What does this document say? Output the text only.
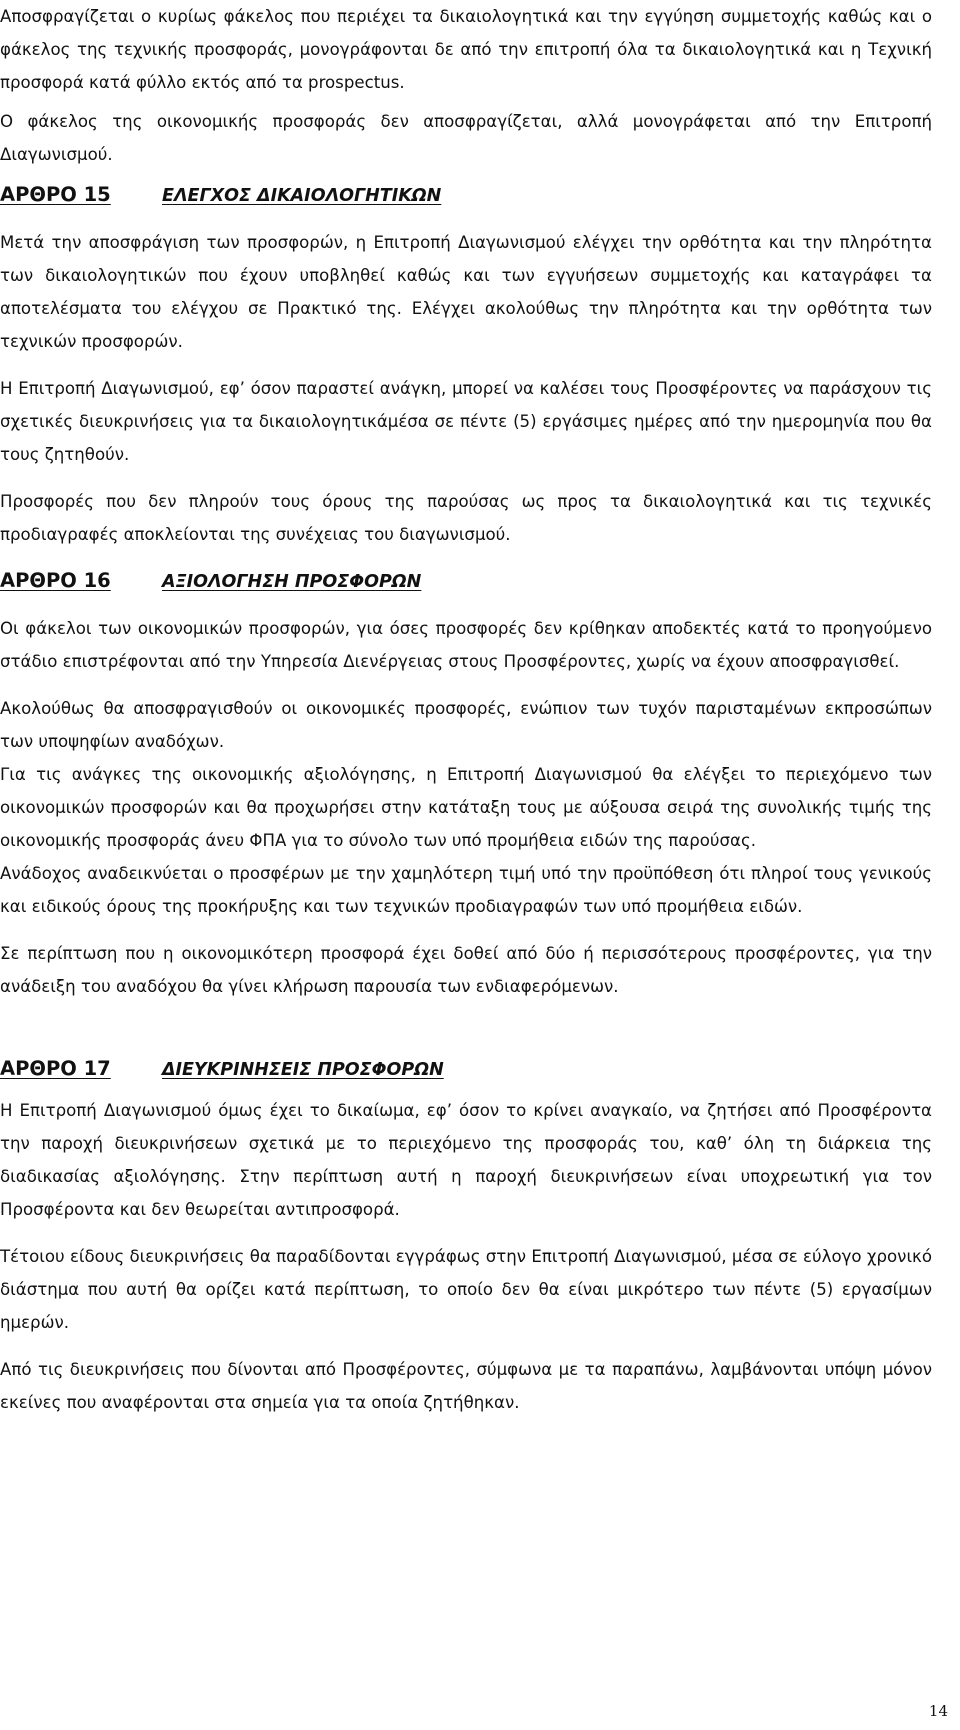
Αποσφραγίζεται ο κυρίως φάκελος που περιέχει τα δικαιολογητικά και την εγγύηση συμμετοχής καθώς και ο φάκελος της τεχνικής προσφοράς, μονογράφονται δε από την επιτροπή όλα τα δικαιολογητικά και η Τεχνική προσφορά κατά φύλλο εκτός από τα prospectus.

Ο φάκελος της οικονομικής προσφοράς δεν αποσφραγίζεται, αλλά μονογράφεται από την Επιτροπή Διαγωνισμού.

ΑΡΘΡΟ 15	ΕΛΕΓΧΟΣ ΔΙΚΑΙΟΛΟΓΗΤΙΚΩΝ

Μετά την αποσφράγιση των προσφορών, η Επιτροπή Διαγωνισμού ελέγχει την ορθότητα και την πληρότητα των δικαιολογητικών που έχουν υποβληθεί καθώς και των εγγυήσεων συμμετοχής και καταγράφει τα αποτελέσματα του ελέγχου σε Πρακτικό της. Ελέγχει ακολούθως την πληρότητα και την ορθότητα των τεχνικών προσφορών.

Η Επιτροπή Διαγωνισμού, εφ’ όσον παραστεί ανάγκη, μπορεί να καλέσει τους Προσφέροντες να παράσχουν τις σχετικές διευκρινήσεις για τα δικαιολογητικάμέσα σε πέντε (5) εργάσιμες ημέρες από την ημερομηνία που θα τους ζητηθούν.

Προσφορές που δεν πληρούν τους όρους της παρούσας ως προς τα δικαιολογητικά και τις τεχνικές προδιαγραφές αποκλείονται της συνέχειας του διαγωνισμού.

ΑΡΘΡΟ 16	ΑΞΙΟΛΟΓΗΣΗ ΠΡΟΣΦΟΡΩΝ

Οι φάκελοι των οικονομικών προσφορών, για όσες προσφορές δεν κρίθηκαν αποδεκτές κατά το προηγούμενο στάδιο επιστρέφονται από την Υπηρεσία Διενέργειας στους Προσφέροντες, χωρίς να έχουν αποσφραγισθεί.

Ακολούθως θα αποσφραγισθούν οι οικονομικές προσφορές, ενώπιον των τυχόν παρισταμένων εκπροσώπων των υποψηφίων αναδόχων.

Για τις ανάγκες της οικονομικής αξιολόγησης, η Επιτροπή Διαγωνισμού θα ελέγξει το περιεχόμενο των οικονομικών προσφορών και θα προχωρήσει στην κατάταξη τους με αύξουσα σειρά της συνολικής τιμής της οικονομικής προσφοράς άνευ ΦΠΑ για το σύνολο των υπό προμήθεια ειδών της παρούσας.

Ανάδοχος αναδεικνύεται ο προσφέρων με την χαμηλότερη τιμή υπό την προϋπόθεση ότι πληροί τους γενικούς και ειδικούς όρους της προκήρυξης και των τεχνικών προδιαγραφών των υπό προμήθεια ειδών.

Σε περίπτωση που η οικονομικότερη προσφορά έχει δοθεί από δύο ή περισσότερους προσφέροντες, για την ανάδειξη του αναδόχου θα γίνει κλήρωση παρουσία των ενδιαφερόμενων.

ΑΡΘΡΟ 17	ΔΙΕΥΚΡΙΝΗΣΕΙΣ ΠΡΟΣΦΟΡΩΝ

Η Επιτροπή Διαγωνισμού όμως έχει το δικαίωμα, εφ’ όσον το κρίνει αναγκαίο, να ζητήσει από Προσφέροντα την παροχή διευκρινήσεων σχετικά με το περιεχόμενο της προσφοράς του, καθ’ όλη τη διάρκεια της διαδικασίας αξιολόγησης. Στην περίπτωση αυτή η παροχή διευκρινήσεων είναι υποχρεωτική για τον Προσφέροντα και δεν θεωρείται αντιπροσφορά.

Τέτοιου είδους διευκρινήσεις θα παραδίδονται εγγράφως στην Επιτροπή Διαγωνισμού, μέσα σε εύλογο χρονικό διάστημα που αυτή θα ορίζει κατά περίπτωση, το οποίο δεν θα είναι μικρότερο των πέντε (5) εργασίμων ημερών.

Από τις διευκρινήσεις που δίνονται από Προσφέροντες, σύμφωνα με τα παραπάνω, λαμβάνονται υπόψη μόνον εκείνες που αναφέρονται στα σημεία για τα οποία ζητήθηκαν.

14
